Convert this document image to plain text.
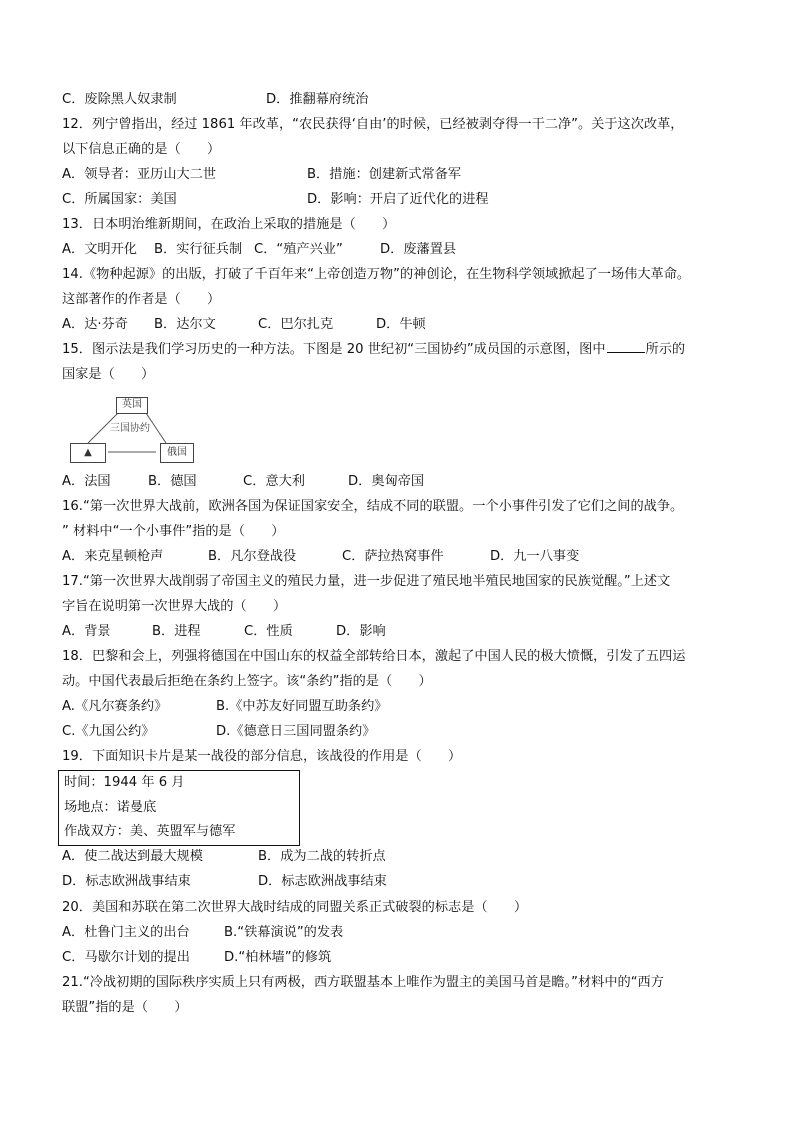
C．废除黑人奴隶制	D．推翻幕府统治
12．列宁曾指出，经过 1861 年改革，“农民获得‘自由’的时候，已经被剥夺得一干二净”。关于这次改革，
以下信息正确的是（　　）
A．领导者：亚历山大二世	B．措施：创建新式常备军
C．所属国家：美国	D．影响：开启了近代化的进程
13．日本明治维新期间，在政治上采取的措施是（　　）
A．文明开化 B．实行征兵制 C．“殖产兴业”	D．废藩置县
14.《物种起源》的出版，打破了千百年来“上帝创造万物”的神创论，在生物科学领域掀起了一场伟大革命。
这部著作的作者是（　　）
A．达·芬奇 B．达尔文	C．巴尔扎克	D．牛顿
15．图示法是我们学习历史的一种方法。下图是 20 世纪初“三国协约”成员国的示意图，图中	所示的
国家是（　　）
英国
三国协约
▲	俄国
A．法国	B．德国	C．意大利	D．奥匈帝国
16.“第一次世界大战前，欧洲各国为保证国家安全，结成不同的联盟。一个小事件引发了它们之间的战争。
” 材料中“一个小事件”指的是（　　）
A．来克星顿枪声	B．凡尔登战役	C．萨拉热窝事件	D．九一八事变
17.“第一次世界大战削弱了帝国主义的殖民力量，进一步促进了殖民地半殖民地国家的民族觉醒。”上述文
字旨在说明第一次世界大战的（　　）
A．背景	B．进程	C．性质	D．影响
18．巴黎和会上，列强将德国在中国山东的权益全部转给日本，激起了中国人民的极大愤慨，引发了五四运
动。中国代表最后拒绝在条约上签字。该“条约”指的是（　　）
A.《凡尔赛条约》	B.《中苏友好同盟互助条约》
C.《九国公约》	D.《德意日三国同盟条约》
19．下面知识卡片是某一战役的部分信息，该战役的作用是（　　）
时间：1944 年 6 月
场地点：诺曼底
作战双方：美、英盟军与德军
A．使二战达到最大规模	B．成为二战的转折点
D．标志欧洲战事结束	D．标志欧洲战事结束
20．美国和苏联在第二次世界大战时结成的同盟关系正式破裂的标志是（　　）
A．杜鲁门主义的出台	B.“铁幕演说”的发表
C．马歇尔计划的提出	D.“柏林墙”的修筑
21.“冷战初期的国际秩序实质上只有两极，西方联盟基本上唯作为盟主的美国马首是瞻。”材料中的“西方
联盟”指的是（　　）
